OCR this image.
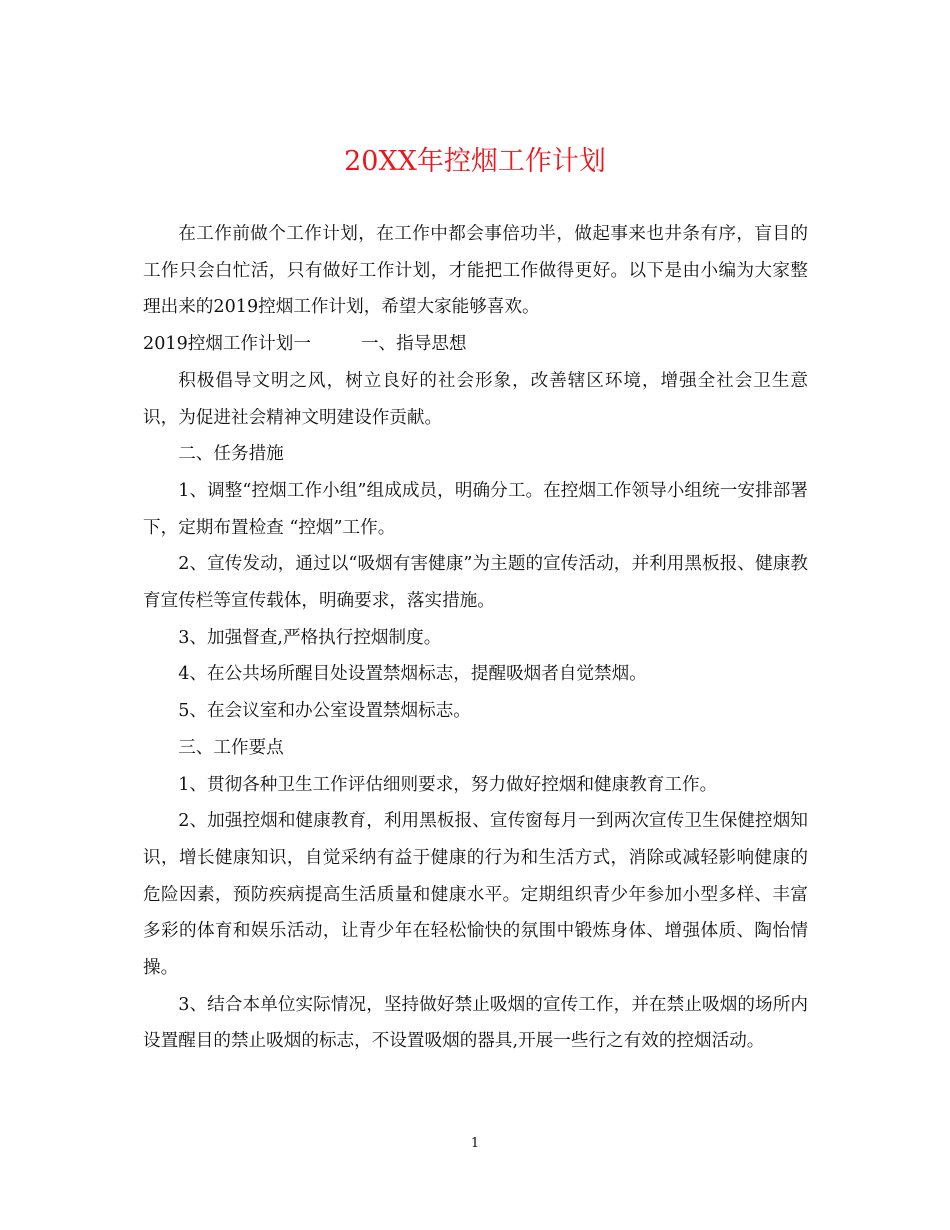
20XX年控烟工作计划

在工作前做个工作计划，在工作中都会事倍功半，做起事来也井条有序，盲目的工作只会白忙活，只有做好工作计划，才能把工作做得更好。以下是由小编为大家整理出来的2019控烟工作计划，希望大家能够喜欢。

2019控烟工作计划一	一、指导思想

积极倡导文明之风，树立良好的社会形象，改善辖区环境，增强全社会卫生意识，为促进社会精神文明建设作贡献。

二、任务措施

1、调整“控烟工作小组”组成成员，明确分工。在控烟工作领导小组统一安排部署下，定期布置检查 “控烟”工作。

2、宣传发动，通过以“吸烟有害健康”为主题的宣传活动，并利用黑板报、健康教育宣传栏等宣传载体，明确要求，落实措施。

3、加强督查,严格执行控烟制度。

4、在公共场所醒目处设置禁烟标志，提醒吸烟者自觉禁烟。

5、在会议室和办公室设置禁烟标志。

三、工作要点

1、贯彻各种卫生工作评估细则要求，努力做好控烟和健康教育工作。

2、加强控烟和健康教育，利用黑板报、宣传窗每月一到两次宣传卫生保健控烟知识，增长健康知识，自觉采纳有益于健康的行为和生活方式，消除或减轻影响健康的危险因素，预防疾病提高生活质量和健康水平。定期组织青少年参加小型多样、丰富多彩的体育和娱乐活动，让青少年在轻松愉快的氛围中锻炼身体、增强体质、陶怡情操。

3、结合本单位实际情况，坚持做好禁止吸烟的宣传工作，并在禁止吸烟的场所内设置醒目的禁止吸烟的标志，不设置吸烟的器具,开展一些行之有效的控烟活动。

1
